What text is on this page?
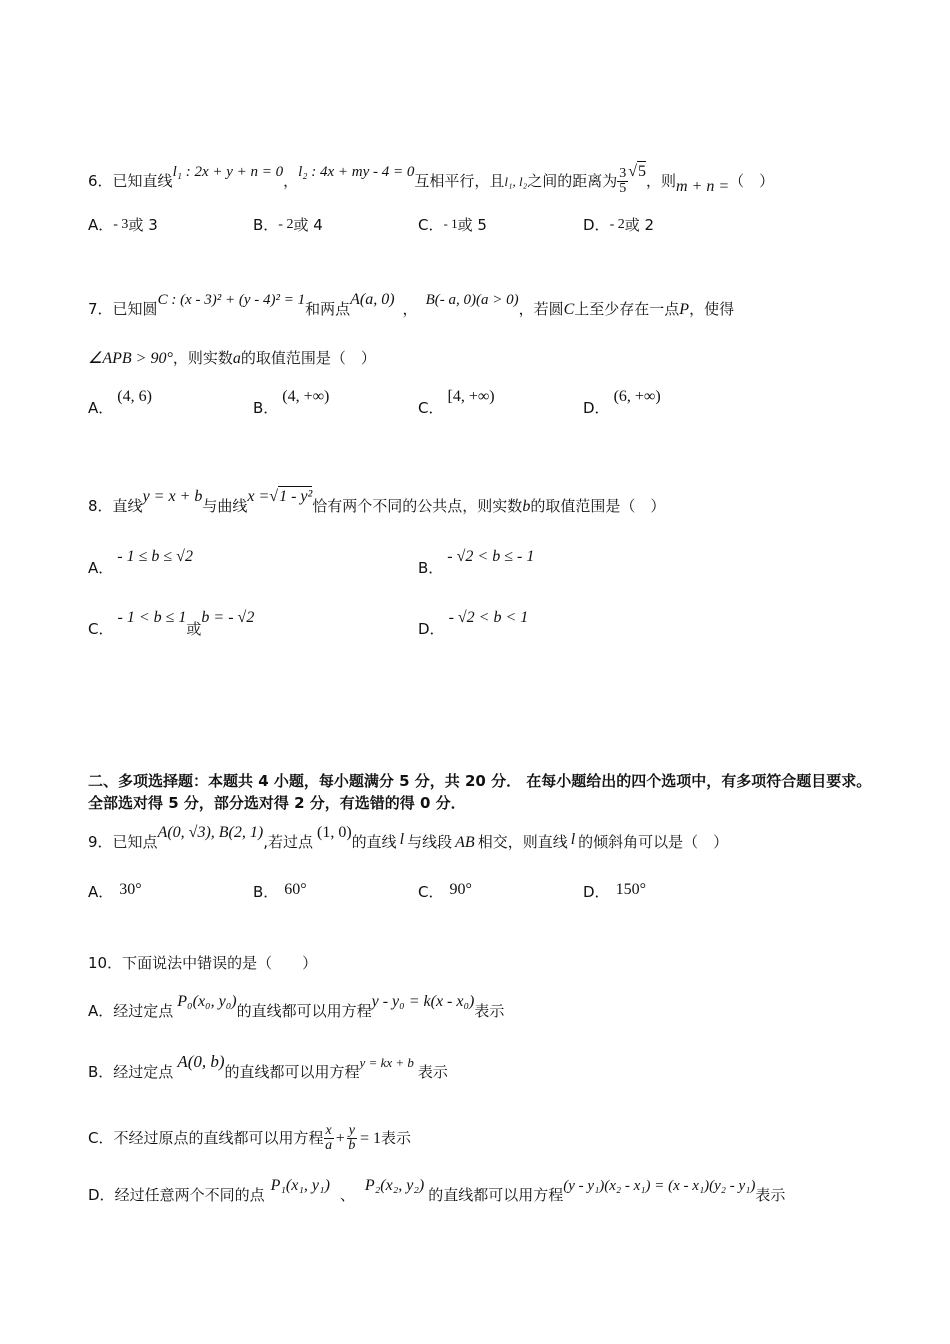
6．已知直线l₁ : 2x + y + n = 0，l₂ : 4x + my - 4 = 0互相平行，且l₁, l₂之间的距离为 $\frac{3}{5} √5$，则m + n =（　）
A．- 3或 3	B．- 2或 4	C．- 1或 5	D．- 2或 2
7．已知圆C : (x - 3)² + (y - 4)² = 1和两点A(a, 0)， B(- a, 0)(a > 0)，若圆C上至少存在一点P，使得
∠APB > 90°，则实数a的取值范围是（　）
A．(4, 6)
B．(4, +∞)
C．[4, +∞)
D．(6, +∞)
8．直线y = x + b与曲线x =√1 - y²恰有两个不同的公共点，则实数b的取值范围是（　）
A．- 1 ≤ b ≤ √2
B．- √2 < b ≤ - 1
C．- 1 < b ≤ 1或b = - √2
D．- √2 < b < 1
二、多项选择题：本题共 4 小题，每小题满分 5 分，共 20 分． 在每小题给出的四个选项中，有多项符合题目要求。全部选对得 5 分，部分选对得 2 分，有选错的得 0 分．
9．已知点A(0, √3), B(2, 1),若过点(1, 0)的直线 l 与线段 AB 相交，则直线 l 的倾斜角可以是（　）
A． 30°	B． 60°	C． 90°	D． 150°
10．下面说法中错误的是（　　）
A．经过定点P₀(x₀, y₀)的直线都可以用方程y - y₀ = k(x - x₀)表示
B．经过定点A(0, b)的直线都可以用方程y = kx + b表示
C．不经过原点的直线都可以用方程 $\frac{x}{a} + \frac{y}{b} = 1$表示
D．经过任意两个不同的点P₁(x₁, y₁)、P₂(x₂, y₂)的直线都可以用方程(y - y₁)(x₂ - x₁) = (x - x₁)(y₂ - y₁)表示
